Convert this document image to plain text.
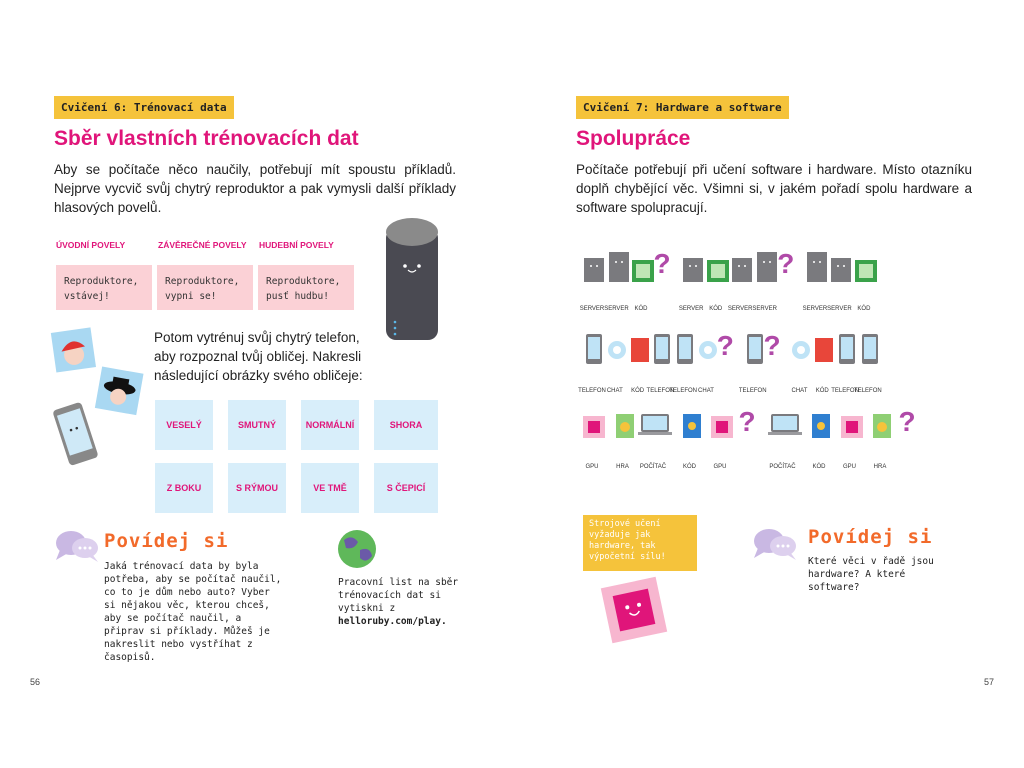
Cvičení 6: Trénovací data
Sběr vlastních trénovacích dat
Aby se počítače něco naučily, potřebují mít spoustu příkladů. Nejprve vycvič svůj chytrý reproduktor a pak vymysli další příklady hlasových povelů.
ÚVODNÍ POVELY	ZÁVĚREČNÉ POVELY HUDEBNÍ POVELY
Reproduktore, vstávej!
Reproduktore, vypni se!
Reproduktore, pusť hudbu!
Potom vytrénuj svůj chytrý telefon, aby rozpoznal tvůj obličej. Nakresli následující obrázky svého obličeje:
VESELÝ	SMUTNÝ	NORMÁLNÍ	SHORA
Z BOKU	S RÝMOU	VE TMĚ	S ČEPICÍ
Povídej si
Jaká trénovací data by byla potřeba, aby se počítač naučil, co to je dům nebo auto? Vyber si nějakou věc, kterou chceš, aby se počítač naučil, a připrav si příklady. Můžeš je nakreslit nebo vystříhat z časopisů.
Pracovní list na sběr trénovacích dat si vytiskni z helloruby.com/play.
56
Cvičení 7: Hardware a software
Spolupráce
Počítače potřebují při učení software i hardware. Místo otazníku doplň chybějící věc. Všimni si, v jakém pořadí spolu hardware a software spolupracují.
SERVER SERVER KÓD
?
SERVER KÓD SERVER SERVER
?
SERVER SERVER KÓD
TELEFON CHAT	KÓD TELEFON
TELEFON CHAT
?
TELEFON
?
CHAT	KÓD TELEFON
TELEFON
GPU	HRA	POČÍTAČ	KÓD	GPU
?
POČÍTAČ	KÓD	GPU	HRA
?
Strojové učení vyžaduje jak hardware, tak výpočetní sílu!
Povídej si
Které věci v řadě jsou hardware? A které software?
57
